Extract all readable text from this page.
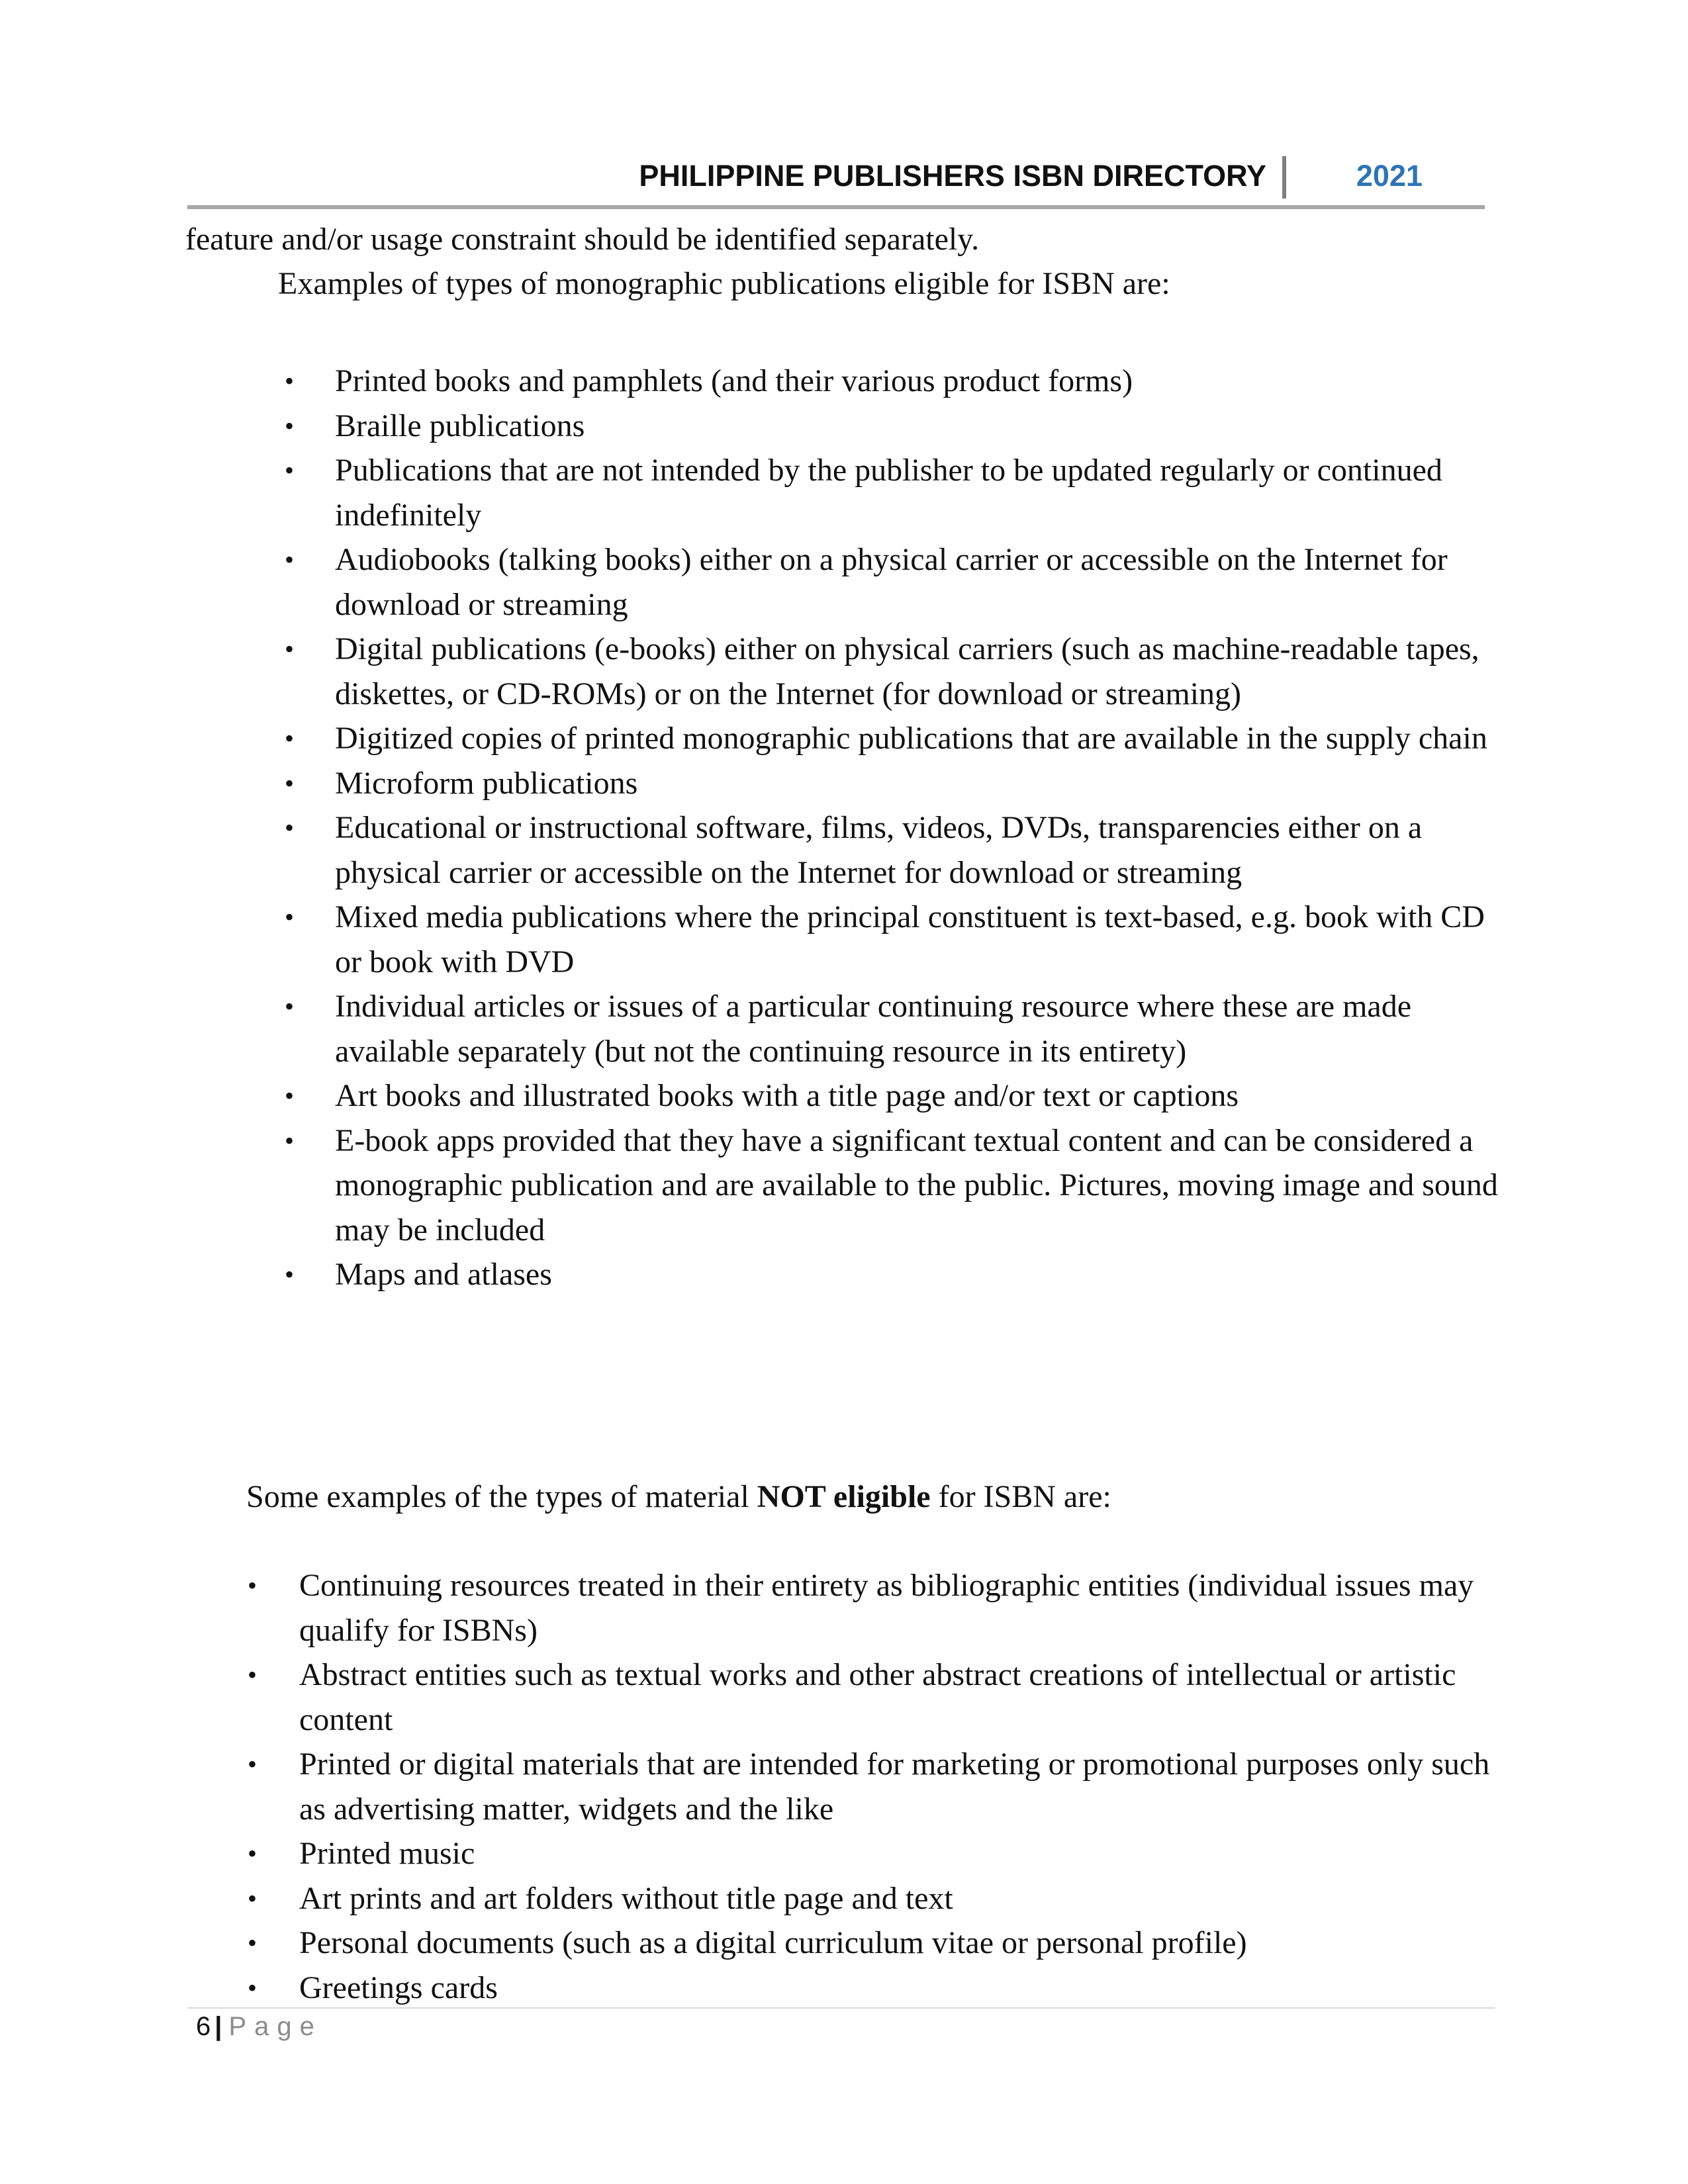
PHILIPPINE PUBLISHERS ISBN DIRECTORY	2021
feature and/or usage constraint should be identified separately.
Examples of types of monographic publications eligible for ISBN are:
•	Printed books and pamphlets (and their various product forms)
•	Braille publications
•	Publications that are not intended by the publisher to be updated regularly or continued indefinitely
•	Audiobooks (talking books) either on a physical carrier or accessible on the Internet for download or streaming
•	Digital publications (e-books) either on physical carriers (such as machine-readable tapes, diskettes, or CD-ROMs) or on the Internet (for download or streaming)
•	Digitized copies of printed monographic publications that are available in the supply chain
•	Microform publications
•	Educational or instructional software, films, videos, DVDs, transparencies either on a physical carrier or accessible on the Internet for download or streaming
•	Mixed media publications where the principal constituent is text-based, e.g. book with CD or book with DVD
•	Individual articles or issues of a particular continuing resource where these are made available separately (but not the continuing resource in its entirety)
•	Art books and illustrated books with a title page and/or text or captions
•	E-book apps provided that they have a significant textual content and can be considered a monographic publication and are available to the public. Pictures, moving image and sound may be included
•	Maps and atlases
Some examples of the types of material NOT eligible for ISBN are:
•	Continuing resources treated in their entirety as bibliographic entities (individual issues may qualify for ISBNs)
•	Abstract entities such as textual works and other abstract creations of intellectual or artistic content
•	Printed or digital materials that are intended for marketing or promotional purposes only such as advertising matter, widgets and the like
•	Printed music
•	Art prints and art folders without title page and text
•	Personal documents (such as a digital curriculum vitae or personal profile)
•	Greetings cards
6 | Page
